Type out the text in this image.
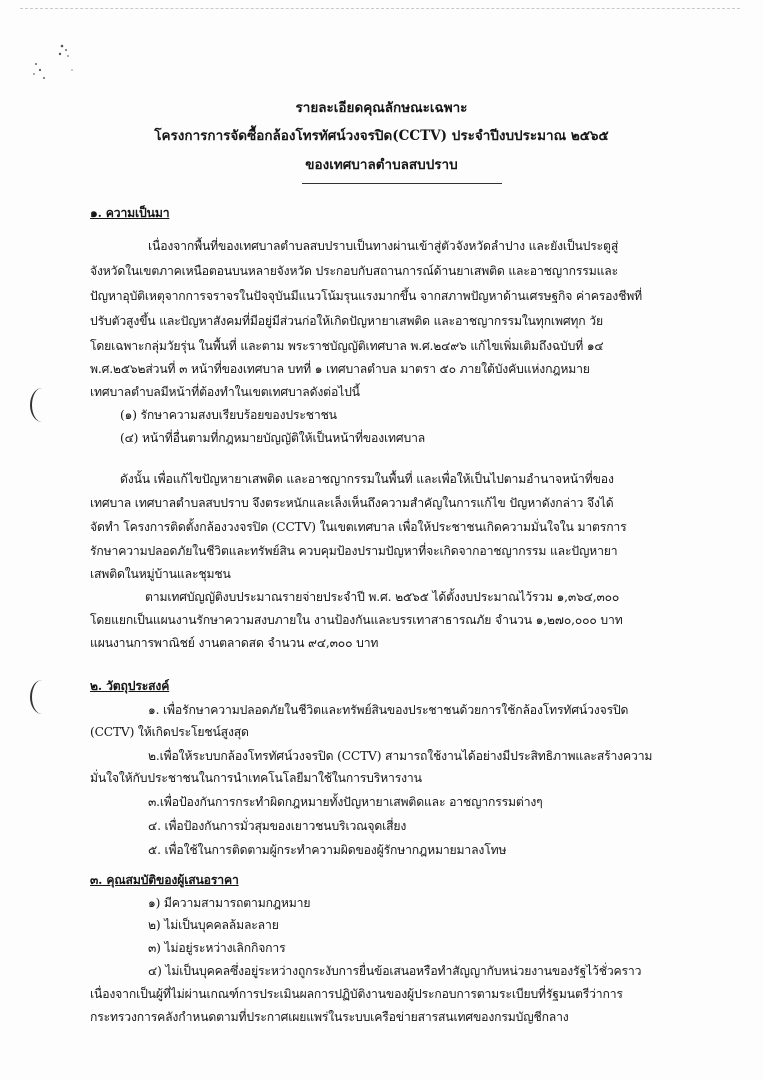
รายละเอียดคุณลักษณะเฉพาะ
โครงการการจัดซื้อกล้องโทรทัศน์วงจรปิด(CCTV) ประจำปีงบประมาณ ๒๕๖๕
ของเทศบาลตำบลสบปราบ
๑. ความเป็นมา
เนื่องจากพื้นที่ของเทศบาลตำบลสบปราบเป็นทางผ่านเข้าสู่ตัวจังหวัดลำปาง และยังเป็นประตูสู่
จังหวัดในเขตภาคเหนือตอนบนหลายจังหวัด ประกอบกับสถานการณ์ด้านยาเสพติด และอาชญากรรมและ
ปัญหาอุบัติเหตุจากการจราจรในปัจจุบันมีแนวโน้มรุนแรงมากขึ้น จากสภาพปัญหาด้านเศรษฐกิจ ค่าครองชีพที่
ปรับตัวสูงขึ้น และปัญหาสังคมที่มีอยู่มีส่วนก่อให้เกิดปัญหายาเสพติด และอาชญากรรมในทุกเพศทุก วัย
โดยเฉพาะกลุ่มวัยรุ่น ในพื้นที่ และตาม พระราชบัญญัติเทศบาล พ.ศ.๒๔๙๖ แก้ไขเพิ่มเติมถึงฉบับที่ ๑๔
พ.ศ.๒๕๖๒ส่วนที่ ๓ หน้าที่ของเทศบาล บทที่ ๑ เทศบาลตำบล มาตรา ๕๐ ภายใต้บังคับแห่งกฎหมาย
เทศบาลตำบลมีหน้าที่ต้องทำในเขตเทศบาลดังต่อไปนี้
(๑) รักษาความสงบเรียบร้อยของประชาชน
(๔) หน้าที่อื่นตามที่กฎหมายบัญญัติให้เป็นหน้าที่ของเทศบาล
ดังนั้น เพื่อแก้ไขปัญหายาเสพติด และอาชญากรรมในพื้นที่ และเพื่อให้เป็นไปตามอำนาจหน้าที่ของ
เทศบาล เทศบาลตำบลสบปราบ จึงตระหนักและเล็งเห็นถึงความสำคัญในการแก้ไข ปัญหาดังกล่าว จึงได้
จัดทำ โครงการติดตั้งกล้องวงจรปิด (CCTV) ในเขตเทศบาล เพื่อให้ประชาชนเกิดความมั่นใจใน มาตรการ
รักษาความปลอดภัยในชีวิตและทรัพย์สิน ควบคุมป้องปรามปัญหาที่จะเกิดจากอาชญากรรม และปัญหายา
เสพติดในหมู่บ้านและชุมชน
ตามเทศบัญญัติงบประมาณรายจ่ายประจำปี พ.ศ. ๒๕๖๕ ได้ตั้งงบประมาณไว้รวม ๑,๓๖๔,๓๐๐
โดยแยกเป็นแผนงานรักษาความสงบภายใน งานป้องกันและบรรเทาสาธารณภัย จำนวน ๑,๒๗๐,๐๐๐ บาท
แผนงานการพาณิชย์ งานตลาดสด จำนวน ๙๔,๓๐๐ บาท
๒. วัตถุประสงค์
๑. เพื่อรักษาความปลอดภัยในชีวิตและทรัพย์สินของประชาชนด้วยการใช้กล้องโทรทัศน์วงจรปิด
(CCTV) ให้เกิดประโยชน์สูงสุด
๒.เพื่อให้ระบบกล้องโทรทัศน์วงจรปิด (CCTV) สามารถใช้งานได้อย่างมีประสิทธิภาพและสร้างความ
มั่นใจให้กับประชาชนในการนำเทคโนโลยีมาใช้ในการบริหารงาน
๓.เพื่อป้องกันการกระทำผิดกฎหมายทั้งปัญหายาเสพติดและ อาชญากรรมต่างๆ
๔. เพื่อป้องกันการมั่วสุมของเยาวชนบริเวณจุดเสี่ยง
๕. เพื่อใช้ในการติดตามผู้กระทำความผิดของผู้รักษากฎหมายมาลงโทษ
๓. คุณสมบัติของผู้เสนอราคา
๑) มีความสามารถตามกฎหมาย
๒) ไม่เป็นบุคคลล้มละลาย
๓) ไม่อยู่ระหว่างเลิกกิจการ
๔) ไม่เป็นบุคคลซึ่งอยู่ระหว่างถูกระงับการยื่นข้อเสนอหรือทำสัญญากับหน่วยงานของรัฐไว้ชั่วคราว
เนื่องจากเป็นผู้ที่ไม่ผ่านเกณฑ์การประเมินผลการปฏิบัติงานของผู้ประกอบการตามระเบียบที่รัฐมนตรีว่าการ
กระทรวงการคลังกำหนดตามที่ประกาศเผยแพร่ในระบบเครือข่ายสารสนเทศของกรมบัญชีกลาง
